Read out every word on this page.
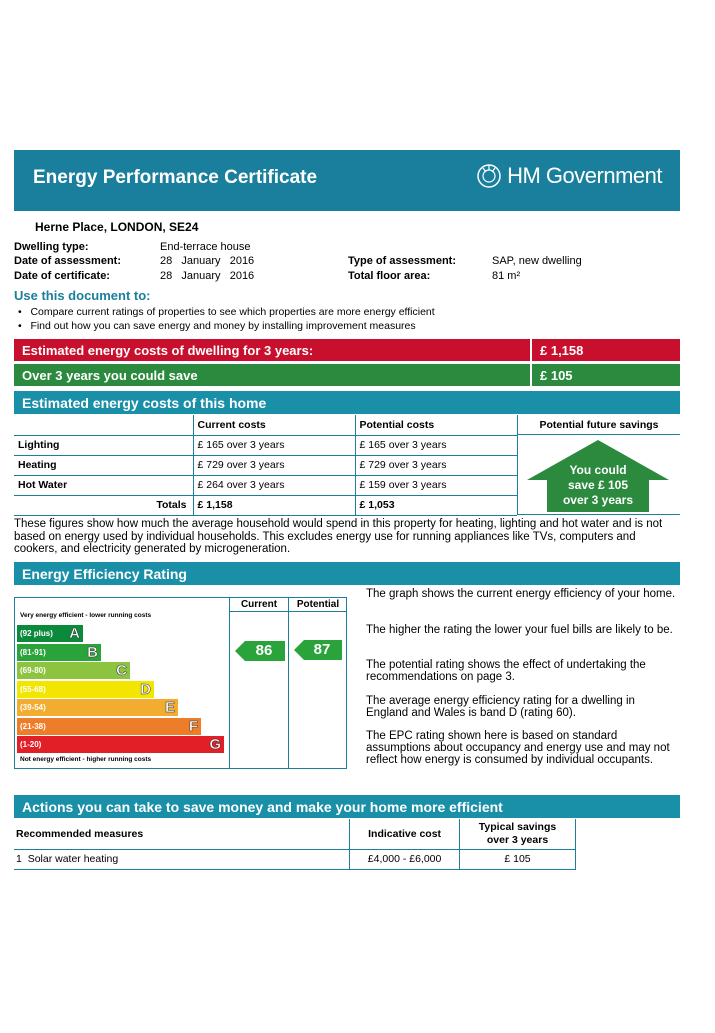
Energy Performance Certificate	HM Government
Herne Place, LONDON, SE24
Dwelling type:	End-terrace house
Date of assessment:	28   January   2016
Date of certificate:	28   January   2016
Type of assessment:	SAP, new dwelling
Total floor area:	81 m²
Use this document to:
•   Compare current ratings of properties to see which properties are more energy efficient
•   Find out how you can save energy and money by installing improvement measures
Estimated energy costs of dwelling for 3 years:	£ 1,158
Over 3 years you could save	£ 105
Estimated energy costs of this home
	Current costs	Potential costs
Lighting	£ 165 over 3 years	£ 165 over 3 years
Heating	£ 729 over 3 years	£ 729 over 3 years
Hot Water	£ 264 over 3 years	£ 159 over 3 years
Totals	£ 1,158	£ 1,053
Potential future savings
You could
save £ 105
over 3 years
These figures show how much the average household would spend in this property for heating, lighting and hot water and is not based on energy used by individual households. This excludes energy use for running appliances like TVs, computers and cookers, and electricity generated by microgeneration.
Energy Efficiency Rating
Current	Potential
Very energy efficient - lower running costs
(92 plus) A
(81-91)	B
(69-80)	C
(55-68)	D
(39-54)	E
(21-38)	F
(1-20)	G
Not energy efficient - higher running costs
86	87
The graph shows the current energy efficiency of your home.
The higher the rating the lower your fuel bills are likely to be.
The potential rating shows the effect of undertaking the recommendations on page 3.
The average energy efficiency rating for a dwelling in England and Wales is band D (rating 60).
The EPC rating shown here is based on standard assumptions about occupancy and energy use and may not reflect how energy is consumed by individual occupants.
Actions you can take to save money and make your home more efficient
Recommended measures	Indicative cost	Typical savings
over 3 years

1 Solar water heating	£4,000 - £6,000	£ 105
